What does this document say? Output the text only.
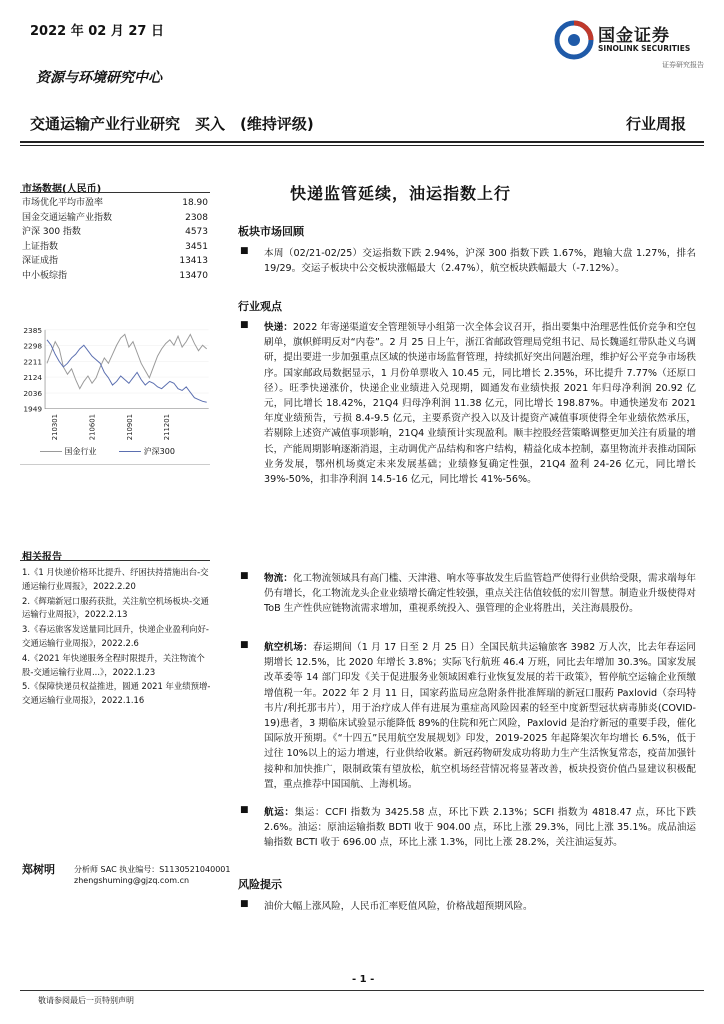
2022 年 02 月 27 日	国金证券
SINOLINK SECURITIES
证券研究报告
资源与环境研究中心
交通运输产业行业研究　买入　(维持评级)	行业周报
市场数据(人民币)
市场优化平均市盈率	18.90
国金交通运输产业指数	2308
沪深 300 指数	4573
上证指数	3451
深证成指	13413
中小板综指	13470
2385
2298
2211
2124
2036
1949
210301	210601	210901	211201
国金行业	沪深300
相关报告
1.《1 月快递价格环比提升、纾困扶持措施出台-交通运输行业周报》，2022.2.20
2.《辉瑞新冠口服药获批，关注航空机场板块-交通运输行业周报》，2022.2.13
3.《春运旅客发送量同比回升，快递企业盈利向好-交通运输行业周报》，2022.2.6
4.《2021 年快递服务全程时限提升，关注物流个股-交通运输行业周...》，2022.1.23
5.《保障快递员权益推进，圆通 2021 年业绩预增-交通运输行业周报》，2022.1.16
郑树明	分析师 SAC 执业编号：S1130521040001
zhengshuming@gjzq.com.cn
快递监管延续，油运指数上行
板块市场回顾
■	本周（02/21-02/25）交运指数下跌 2.94%，沪深 300 指数下跌 1.67%，跑输大盘 1.27%，排名 19/29。交运子板块中公交板块涨幅最大（2.47%），航空板块跌幅最大（-7.12%）。
行业观点
■	快递：2022 年寄递渠道安全管理领导小组第一次全体会议召开，指出要集中治理恶性低价竞争和空包刷单，旗帜鲜明反对“内卷”。2 月 25 日上午，浙江省邮政管理局党组书记、局长魏遥红带队赴义乌调研，提出要进一步加强重点区域的快递市场监督管理，持续抓好突出问题治理，维护好公平竞争市场秩序。国家邮政局数据显示，1 月份单票收入 10.45 元，同比增长 2.35%，环比提升 7.77%（还原口径）。旺季快递涨价，快递企业业绩进入兑现期，圆通发布业绩快报 2021 年归母净利润 20.92 亿元，同比增长 18.42%，21Q4 归母净利润 11.38 亿元，同比增长 198.87%。申通快递发布 2021 年度业绩预告，亏损 8.4-9.5 亿元，主要系资产投入以及计提资产减值事项使得全年业绩依然承压，若剔除上述资产减值事项影响，21Q4 业绩预计实现盈利。顺丰控股经营策略调整更加关注有质量的增长，产能周期影响逐渐消退，主动调优产品结构和客户结构，精益化成本控制，嘉里物流并表推动国际业务发展，鄂州机场奠定未来发展基础；业绩修复确定性强，21Q4 盈利 24-26 亿元，同比增长 39%-50%，扣非净利润 14.5-16 亿元，同比增长 41%-56%。
■	物流：化工物流领域具有高门槛、天津港、响水等事故发生后监管趋严使得行业供给受限，需求端每年仍有增长，化工物流龙头企业业绩增长确定性较强，重点关注估值较低的宏川智慧。制造业升级使得对 ToB 生产性供应链物流需求增加，重视系统投入、强管理的企业将胜出，关注海晨股份。
■	航空机场：春运期间（1 月 17 日至 2 月 25 日）全国民航共运输旅客 3982 万人次，比去年春运同期增长 12.5%，比 2020 年增长 3.8%；实际飞行航班 46.4 万班，同比去年增加 30.3%。国家发展改革委等 14 部门印发《关于促进服务业领域困难行业恢复发展的若干政策》，暂停航空运输企业预缴增值税一年。2022 年 2 月 11 日，国家药监局应急附条件批准辉瑞的新冠口服药 Paxlovid（奈玛特韦片/利托那韦片），用于治疗成人伴有进展为重症高风险因素的轻至中度新型冠状病毒肺炎(COVID-19)患者，3 期临床试验显示能降低 89%的住院和死亡风险，Paxlovid 是治疗新冠的重要手段，催化国际放开预期。《“十四五”民用航空发展规划》印发，2019-2025 年起降架次年均增长 6.5%，低于过往 10%以上的运力增速，行业供给收紧。新冠药物研发成功将助力生产生活恢复常态，疫苗加强针接种和加快推广，限制政策有望放松，航空机场经营情况将显著改善，板块投资价值凸显建议积极配置，重点推荐中国国航、上海机场。
■	航运：集运：CCFI 指数为 3425.58 点，环比下跌 2.13%；SCFI 指数为 4818.47 点，环比下跌 2.6%。油运：原油运输指数 BDTI 收于 904.00 点，环比上涨 29.3%，同比上涨 35.1%。成品油运输指数 BCTI 收于 696.00 点，环比上涨 1.3%，同比上涨 28.2%，关注油运复苏。
风险提示
■	油价大幅上涨风险，人民币汇率贬值风险，价格战超预期风险。
- 1 -
敬请参阅最后一页特别声明
